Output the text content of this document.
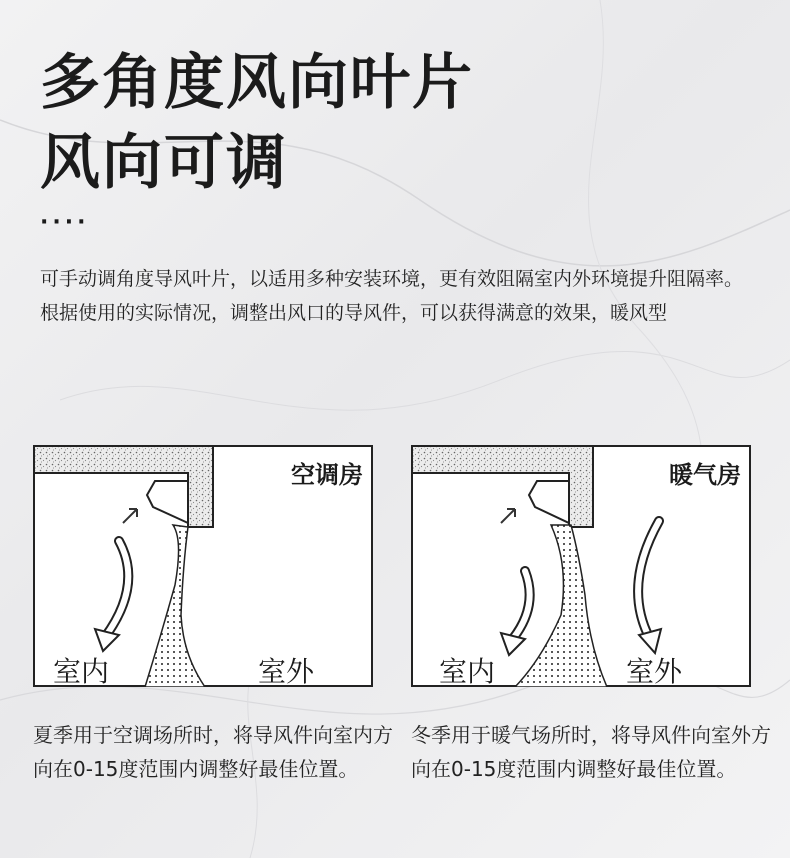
多角度风向叶片
风向可调
····
可手动调角度导风叶片，以适用多种安装环境，更有效阻隔室内外环境提升阻隔率。根据使用的实际情况，调整出风口的导风件，可以获得满意的效果，暖风型
空调房
室内	室外
暖气房
室内	室外
夏季用于空调场所时，将导风件向室内方向在0-15度范围内调整好最佳位置。
冬季用于暖气场所时，将导风件向室外方向在0-15度范围内调整好最佳位置。
